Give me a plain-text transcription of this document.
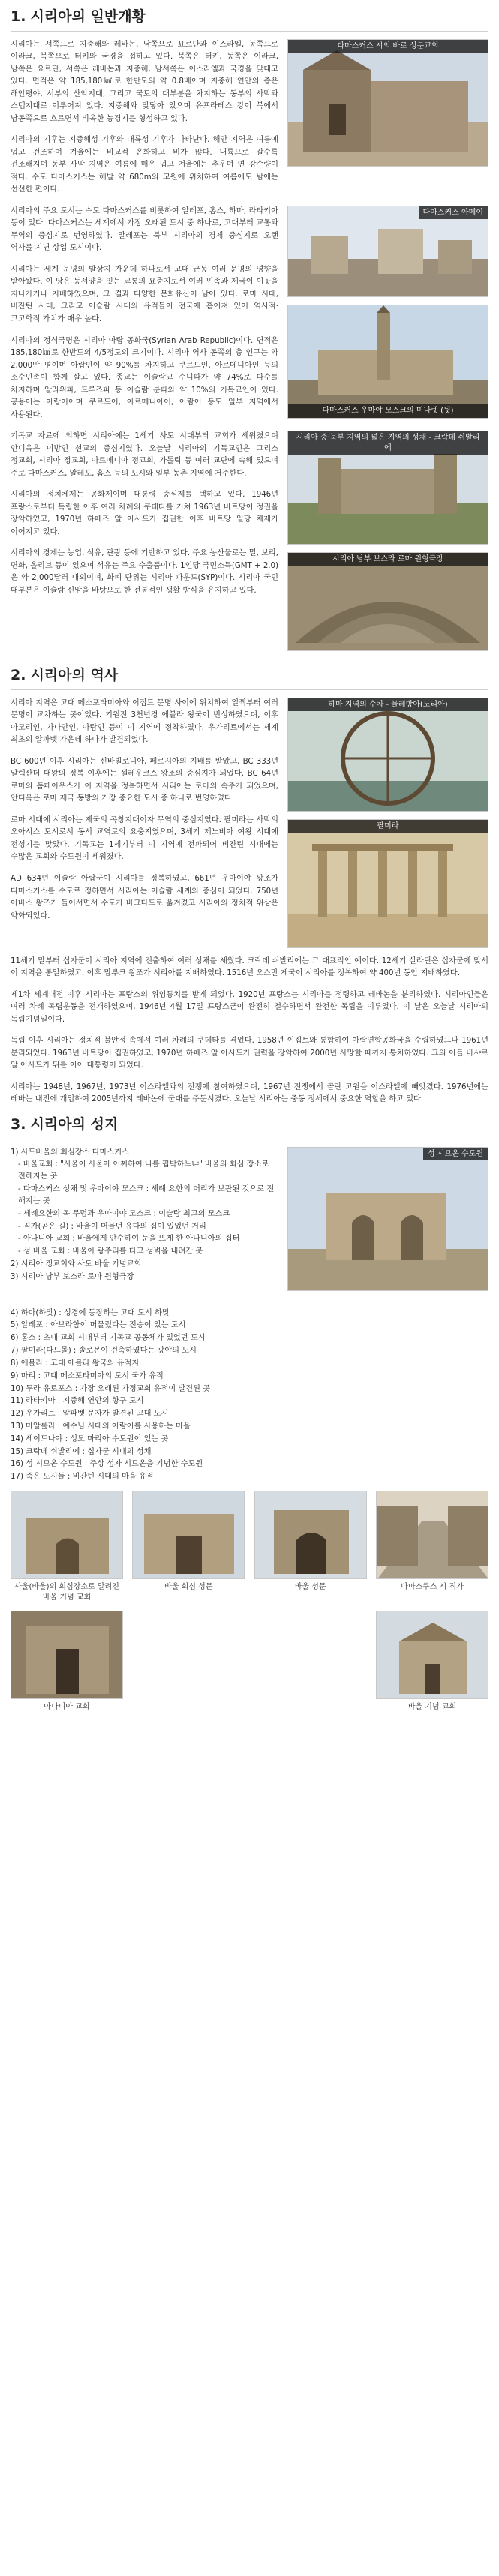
1. 시리아의 일반개황
다마스커스 시의 바로 성문교회

시리아는 서쪽으로 지중해와 레바논, 남쪽으로 요르단과 이스라엘, 동쪽으로 이라크, 북쪽으로 터키와 국경을 접하고 있다. 북쪽은 터키, 동쪽은 이라크, 남쪽은 요르단, 서쪽은 레바논과 지중해, 남서쪽은 이스라엘과 국경을 맞대고 있다. 면적은 약 185,180㎢로 한반도의 약 0.8배이며 지중해 연안의 좁은 해안평야, 서부의 산악지대, 그리고 국토의 대부분을 차지하는 동부의 사막과 스텝지대로 이루어져 있다. 지중해와 맞닿아 있으며 유프라테스 강이 북에서 남동쪽으로 흐르면서 비옥한 농경지를 형성하고 있다.

시리아의 기후는 지중해성 기후와 대륙성 기후가 나타난다. 해안 지역은 여름에 덥고 건조하며 겨울에는 비교적 온화하고 비가 많다. 내륙으로 갈수록 건조해지며 동부 사막 지역은 여름에 매우 덥고 겨울에는 추우며 연 강수량이 적다. 수도 다마스커스는 해발 약 680m의 고원에 위치하여 여름에도 밤에는 선선한 편이다.

다마스커스 아메이

시리아의 주요 도시는 수도 다마스커스를 비롯하여 알레포, 홈스, 하마, 라타키아 등이 있다. 다마스커스는 세계에서 가장 오래된 도시 중 하나로, 고대부터 교통과 무역의 중심지로 번영하였다. 알레포는 북부 시리아의 경제 중심지로 오랜 역사를 지닌 상업 도시이다.

다마스커스 우마야 모스크의 미나렛 (뒷)

시리아는 세계 문명의 발상지 가운데 하나로서 고대 근동 여러 문명의 영향을 받아왔다. 이 땅은 동서양을 잇는 교통의 요충지로서 여러 민족과 제국이 이곳을 지나가거나 지배하였으며, 그 결과 다양한 문화유산이 남아 있다. 로마 시대, 비잔틴 시대, 그리고 이슬람 시대의 유적들이 전국에 흩어져 있어 역사적·고고학적 가치가 매우 높다.

시리아의 정식국명은 시리아 아랍 공화국(Syrian Arab Republic)이다. 면적은 185,180㎢로 한반도의 4/5정도의 크기이다. 시리아 역사 동쪽의 총 인구는 약 2,000만 명이며 아랍인이 약 90%를 차지하고 쿠르드인, 아르메니아인 등의 소수민족이 함께 살고 있다. 종교는 이슬람교 수니파가 약 74%로 다수를 차지하며 알라위파, 드루즈파 등 이슬람 분파와 약 10%의 기독교인이 있다. 공용어는 아랍어이며 쿠르드어, 아르메니아어, 아람어 등도 일부 지역에서 사용된다.

시리아 중·북부 지역의 넓은 지역의 성채 - 크락데 쉬발리에

기독교 자료에 의하면 시리아에는 1세기 사도 시대부터 교회가 세워졌으며 안디옥은 이방인 선교의 중심지였다. 오늘날 시리아의 기독교인은 그리스 정교회, 시리아 정교회, 아르메니아 정교회, 가톨릭 등 여러 교단에 속해 있으며 주로 다마스커스, 알레포, 홈스 등의 도시와 일부 농촌 지역에 거주한다.

시리아의 정치체제는 공화제이며 대통령 중심제를 택하고 있다. 1946년 프랑스로부터 독립한 이후 여러 차례의 쿠데타를 거쳐 1963년 바트당이 정권을 장악하였고, 1970년 하페즈 알 아사드가 집권한 이후 바트당 일당 체제가 이어지고 있다.

시리아 남부 보스라 로마 원형극장

시리아의 경제는 농업, 석유, 관광 등에 기반하고 있다. 주요 농산물로는 밀, 보리, 면화, 올리브 등이 있으며 석유는 주요 수출품이다. 1인당 국민소득(GMT + 2.0)은 약 2,000달러 내외이며, 화폐 단위는 시리아 파운드(SYP)이다. 시리아 국민 대부분은 이슬람 신앙을 바탕으로 한 전통적인 생활 방식을 유지하고 있다.

2. 시리아의 역사
하마 지역의 수차 - 물레방아(노리아)

시리아 지역은 고대 메소포타미아와 이집트 문명 사이에 위치하여 일찍부터 여러 문명이 교차하는 곳이었다. 기원전 3천년경 에블라 왕국이 번성하였으며, 이후 아모리인, 가나안인, 아람인 등이 이 지역에 정착하였다. 우가리트에서는 세계 최초의 알파벳 가운데 하나가 발견되었다.

BC 600년 이후 시리아는 신바빌로니아, 페르시아의 지배를 받았고, BC 333년 알렉산더 대왕의 정복 이후에는 셀레우코스 왕조의 중심지가 되었다. BC 64년 로마의 폼페이우스가 이 지역을 정복하면서 시리아는 로마의 속주가 되었으며, 안디옥은 로마 제국 동방의 가장 중요한 도시 중 하나로 번영하였다.

팔미라

로마 시대에 시리아는 제국의 곡창지대이자 무역의 중심지였다. 팔미라는 사막의 오아시스 도시로서 동서 교역로의 요충지였으며, 3세기 제노비아 여왕 시대에 전성기를 맞았다. 기독교는 1세기부터 이 지역에 전파되어 비잔틴 시대에는 수많은 교회와 수도원이 세워졌다.

AD 634년 이슬람 아랍군이 시리아를 정복하였고, 661년 우마이야 왕조가 다마스커스를 수도로 정하면서 시리아는 이슬람 세계의 중심이 되었다. 750년 아바스 왕조가 들어서면서 수도가 바그다드로 옮겨졌고 시리아의 정치적 위상은 약화되었다.

11세기 말부터 십자군이 시리아 지역에 진출하여 여러 성채를 세웠다. 크락데 쉬발리에는 그 대표적인 예이다. 12세기 살라딘은 십자군에 맞서 이 지역을 통일하였고, 이후 맘루크 왕조가 시리아를 지배하였다. 1516년 오스만 제국이 시리아를 정복하여 약 400년 동안 지배하였다.

제1차 세계대전 이후 시리아는 프랑스의 위임통치를 받게 되었다. 1920년 프랑스는 시리아를 점령하고 레바논을 분리하였다. 시리아인들은 여러 차례 독립운동을 전개하였으며, 1946년 4월 17일 프랑스군이 완전히 철수하면서 완전한 독립을 이루었다. 이 날은 오늘날 시리아의 독립기념일이다.

독립 이후 시리아는 정치적 불안정 속에서 여러 차례의 쿠데타를 겪었다. 1958년 이집트와 통합하여 아랍연합공화국을 수립하였으나 1961년 분리되었다. 1963년 바트당이 집권하였고, 1970년 하페즈 알 아사드가 권력을 장악하여 2000년 사망할 때까지 통치하였다. 그의 아들 바샤르 알 아사드가 뒤를 이어 대통령이 되었다.

시리아는 1948년, 1967년, 1973년 이스라엘과의 전쟁에 참여하였으며, 1967년 전쟁에서 골란 고원을 이스라엘에 빼앗겼다. 1976년에는 레바논 내전에 개입하여 2005년까지 레바논에 군대를 주둔시켰다. 오늘날 시리아는 중동 정세에서 중요한 역할을 하고 있다.

3. 시리아의 성지
성 시므온 수도원
1) 사도바울의 회심장소 다마스커스
- 바울교회 : "사울이 사울아 어찌하여 나를 핍박하느냐" 바울의 회심 장소로 전해지는 곳
- 다마스커스 성채 및 우마이야 모스크 : 세례 요한의 머리가 보관된 것으로 전해지는 곳
- 세례요한의 목 무덤과 우마이야 모스크 : 이슬람 최고의 모스크
- 직가(곧은 길) : 바울이 머물던 유다의 집이 있었던 거리
- 아나니아 교회 : 바울에게 안수하여 눈을 뜨게 한 아나니아의 집터
- 성 바울 교회 : 바울이 광주리를 타고 성벽을 내려간 곳
2) 시리아 정교회와 사도 바울 기념교회
3) 시리아 남부 보스라 로마 원형극장
4) 하마(하맛) : 성경에 등장하는 고대 도시 하맛
5) 알레포 : 아브라함이 머물렀다는 전승이 있는 도시
6) 홈스 : 초대 교회 시대부터 기독교 공동체가 있었던 도시
7) 팔미라(다드몰) : 솔로몬이 건축하였다는 광야의 도시
8) 에블라 : 고대 에블라 왕국의 유적지
9) 마리 : 고대 메소포타미아의 도시 국가 유적
10) 두라 유로포스 : 가장 오래된 가정교회 유적이 발견된 곳
11) 라타키아 : 지중해 연안의 항구 도시
12) 우가리트 : 알파벳 문자가 발견된 고대 도시
13) 마알룰라 : 예수님 시대의 아람어를 사용하는 마을
14) 세이드나야 : 성모 마리아 수도원이 있는 곳
15) 크락데 쉬발리에 : 십자군 시대의 성채
16) 성 시므온 수도원 : 주상 성자 시므온을 기념한 수도원
17) 죽은 도시들 : 비잔틴 시대의 마을 유적
사울(바울)의 회심장소로 알려진 바울 기념 교회
바울 회심 성문	바울 성문	다마스쿠스 시 직가
아나니아 교회	바울 기념 교회
